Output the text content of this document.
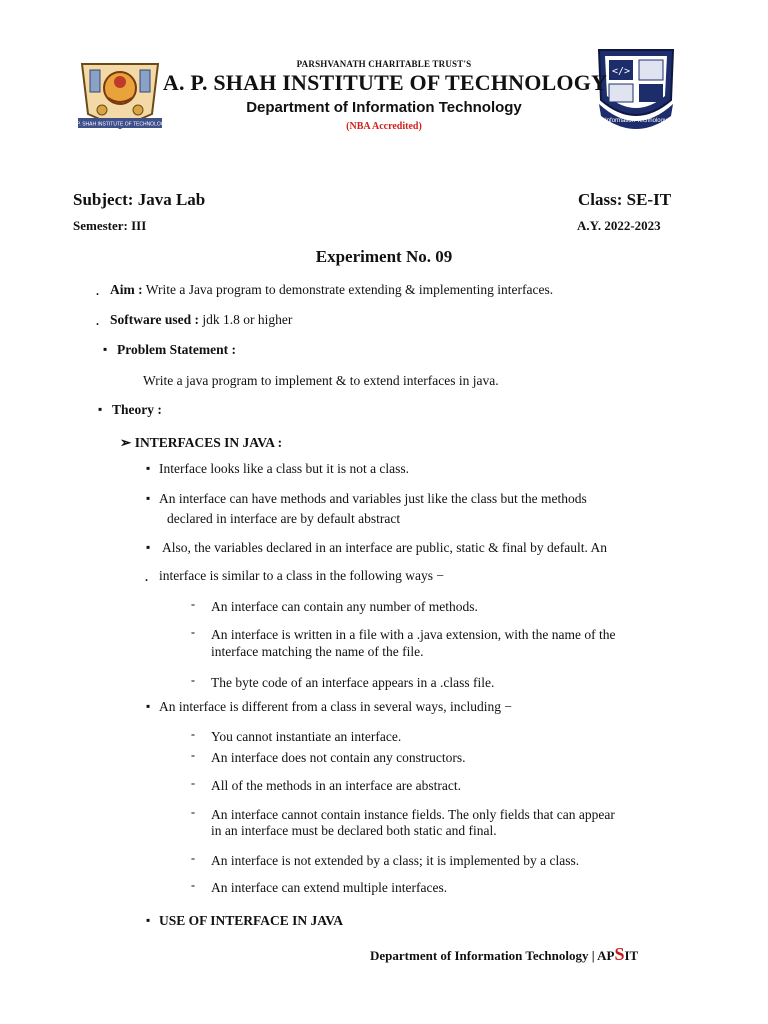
A.P. SHAH INSTITUTE OF TECHNOLOGY
</>
Information Technology
PARSHVANATH CHARITABLE TRUST'S
A. P. SHAH INSTITUTE OF TECHNOLOGY
Department of Information Technology
(NBA Accredited)
Subject: Java Lab	Class: SE-IT
Semester: III	A.Y. 2022-2023
Experiment No. 09
. Aim : Write a Java program to demonstrate extending & implementing interfaces.
. Software used : jdk 1.8 or higher
▪ Problem Statement :
Write a java program to implement & to extend interfaces in java.
▪ Theory :
➢ INTERFACES IN JAVA :
▪ Interface looks like a class but it is not a class.
▪ An interface can have methods and variables just like the class but the methods
declared in interface are by default abstract
▪ Also, the variables declared in an interface are public, static & final by default. An
. interface is similar to a class in the following ways −
- An interface can contain any number of methods.
- An interface is written in a file with a .java extension, with the name of the
interface matching the name of the file.
- The byte code of an interface appears in a .class file.
▪ An interface is different from a class in several ways, including −
- You cannot instantiate an interface.
- An interface does not contain any constructors.
- All of the methods in an interface are abstract.
- An interface cannot contain instance fields. The only fields that can appear
in an interface must be declared both static and final.
- An interface is not extended by a class; it is implemented by a class.
- An interface can extend multiple interfaces.
▪ USE OF INTERFACE IN JAVA
Department of Information Technology | APSIT
